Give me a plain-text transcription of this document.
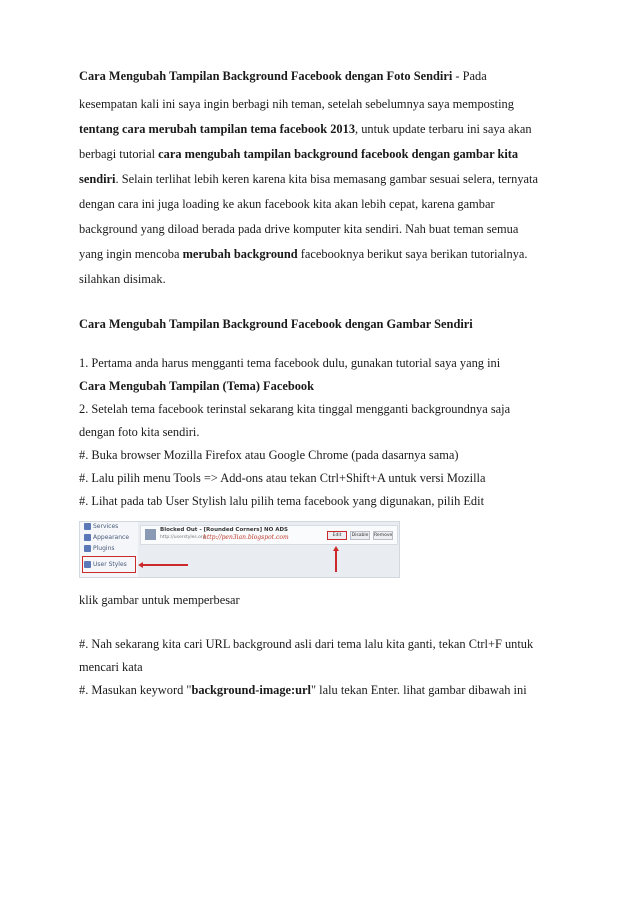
Cara Mengubah Tampilan Background Facebook dengan Foto Sendiri - Pada
kesempatan kali ini saya ingin berbagi nih teman, setelah sebelumnya saya memposting
tentang cara merubah tampilan tema facebook 2013, untuk update terbaru ini saya akan
berbagi tutorial cara mengubah tampilan background facebook dengan gambar kita
sendiri. Selain terlihat lebih keren karena kita bisa memasang gambar sesuai selera, ternyata
dengan cara ini juga loading ke akun facebook kita akan lebih cepat, karena gambar
background yang diload berada pada drive komputer kita sendiri. Nah buat teman semua
yang ingin mencoba merubah background facebooknya berikut saya berikan tutorialnya.
silahkan disimak.
Cara Mengubah Tampilan Background Facebook dengan Gambar Sendiri
1. Pertama anda harus mengganti tema facebook dulu, gunakan tutorial saya yang ini
Cara Mengubah Tampilan (Tema) Facebook
2. Setelah tema facebook terinstal sekarang kita tinggal mengganti backgroundnya saja
dengan foto kita sendiri.
#. Buka browser Mozilla Firefox atau Google Chrome (pada dasarnya sama)
#. Lalu pilih menu Tools => Add-ons atau tekan Ctrl+Shift+A untuk versi Mozilla
#. Lihat pada tab User Stylish lalu pilih tema facebook yang digunakan, pilih Edit
Services
Appearance
Plugins
User Styles
Blocked Out - [Rounded Corners] NO ADS
http://userstyles.org
http://pen3ian.blogspot.com	Edit	Disable	Remove
klik gambar untuk memperbesar
#. Nah sekarang kita cari URL background asli dari tema lalu kita ganti, tekan Ctrl+F untuk
mencari kata
#. Masukan keyword "background-image:url" lalu tekan Enter. lihat gambar dibawah ini
